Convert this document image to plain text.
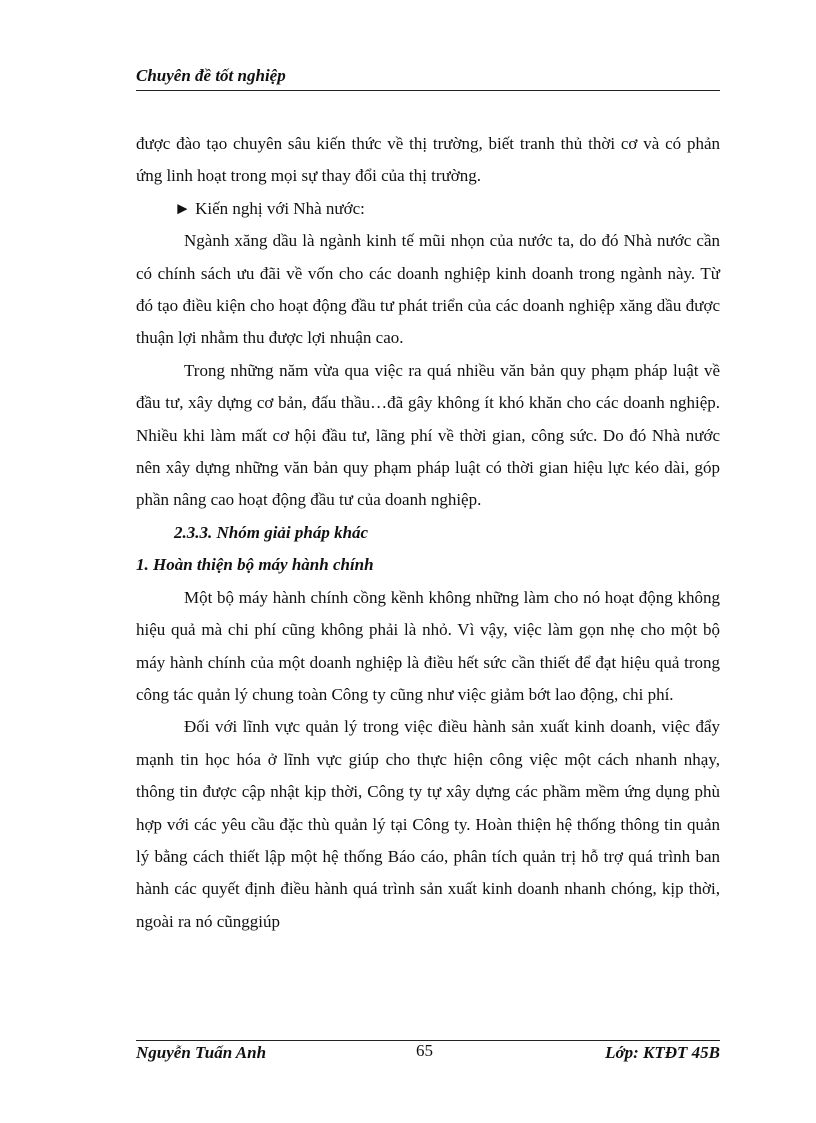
Chuyên đề tốt nghiệp

được đào tạo chuyên sâu kiến thức về thị trường, biết tranh thủ thời cơ và có phản ứng linh hoạt trong mọi sự thay đổi của thị trường.

► Kiến nghị với Nhà nước:

Ngành xăng dầu là ngành kinh tế mũi nhọn của nước ta, do đó Nhà nước cần có chính sách ưu đãi về vốn cho các doanh nghiệp kinh doanh trong ngành này. Từ đó tạo điều kiện cho hoạt động đầu tư phát triển của các doanh nghiệp xăng dầu được thuận lợi nhằm thu được lợi nhuận cao.

Trong những năm vừa qua việc ra quá nhiều văn bản quy phạm pháp luật về đầu tư, xây dựng cơ bản, đấu thầu…đã gây không ít khó khăn cho các doanh nghiệp. Nhiều khi làm mất cơ hội đầu tư, lãng phí về thời gian, công sức. Do đó Nhà nước nên xây dựng những văn bản quy phạm pháp luật có thời gian hiệu lực kéo dài, góp phần nâng cao hoạt động đầu tư của doanh nghiệp.

2.3.3. Nhóm giải pháp khác

1. Hoàn thiện bộ máy hành chính

Một bộ máy hành chính cồng kềnh không những làm cho nó hoạt động không hiệu quả mà chi phí cũng không phải là nhỏ. Vì vậy, việc làm gọn nhẹ cho một bộ máy hành chính của một doanh nghiệp là điều hết sức cần thiết để đạt hiệu quả trong công tác quản lý chung toàn Công ty cũng như việc giảm bớt lao động, chi phí.

Đối với lĩnh vực quản lý trong việc điều hành sản xuất kinh doanh, việc đẩy mạnh tin học hóa ở lĩnh vực giúp cho thực hiện công việc một cách nhanh nhạy, thông tin được cập nhật kịp thời, Công ty tự xây dựng các phầm mềm ứng dụng phù hợp với các yêu cầu đặc thù quản lý tại Công ty. Hoàn thiện hệ thống thông tin quản lý bằng cách thiết lập một hệ thống Báo cáo, phân tích quản trị hỗ trợ quá trình ban hành các quyết định điều hành quá trình sản xuất kinh doanh nhanh chóng, kịp thời, ngoài ra nó cũnggiúp

Nguyễn Tuấn Anh	65	Lớp: KTĐT 45B
